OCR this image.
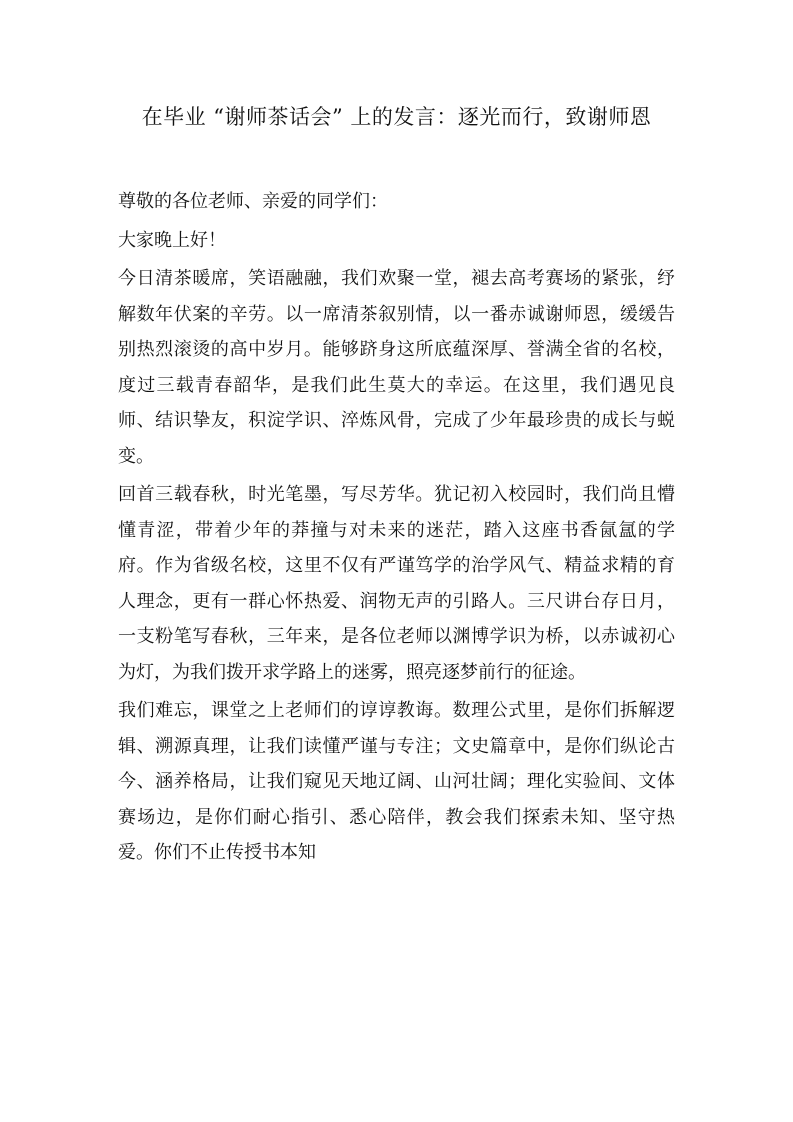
在毕业 “谢师茶话会” 上的发言：逐光而行，致谢师恩

尊敬的各位老师、亲爱的同学们：

大家晚上好！

今日清茶暖席，笑语融融，我们欢聚一堂，褪去高考赛场的紧张，纾解数年伏案的辛劳。以一席清茶叙别情，以一番赤诚谢师恩，缓缓告别热烈滚烫的高中岁月。能够跻身这所底蕴深厚、誉满全省的名校，度过三载青春韶华，是我们此生莫大的幸运。在这里，我们遇见良师、结识挚友，积淀学识、淬炼风骨，完成了少年最珍贵的成长与蜕变。

回首三载春秋，时光笔墨，写尽芳华。犹记初入校园时，我们尚且懵懂青涩，带着少年的莽撞与对未来的迷茫，踏入这座书香氤氲的学府。作为省级名校，这里不仅有严谨笃学的治学风气、精益求精的育人理念，更有一群心怀热爱、润物无声的引路人。三尺讲台存日月，一支粉笔写春秋，三年来，是各位老师以渊博学识为桥，以赤诚初心为灯，为我们拨开求学路上的迷雾，照亮逐梦前行的征途。

我们难忘，课堂之上老师们的谆谆教诲。数理公式里，是你们拆解逻辑、溯源真理，让我们读懂严谨与专注；文史篇章中，是你们纵论古今、涵养格局，让我们窥见天地辽阔、山河壮阔；理化实验间、文体赛场边，是你们耐心指引、悉心陪伴，教会我们探索未知、坚守热爱。你们不止传授书本知
